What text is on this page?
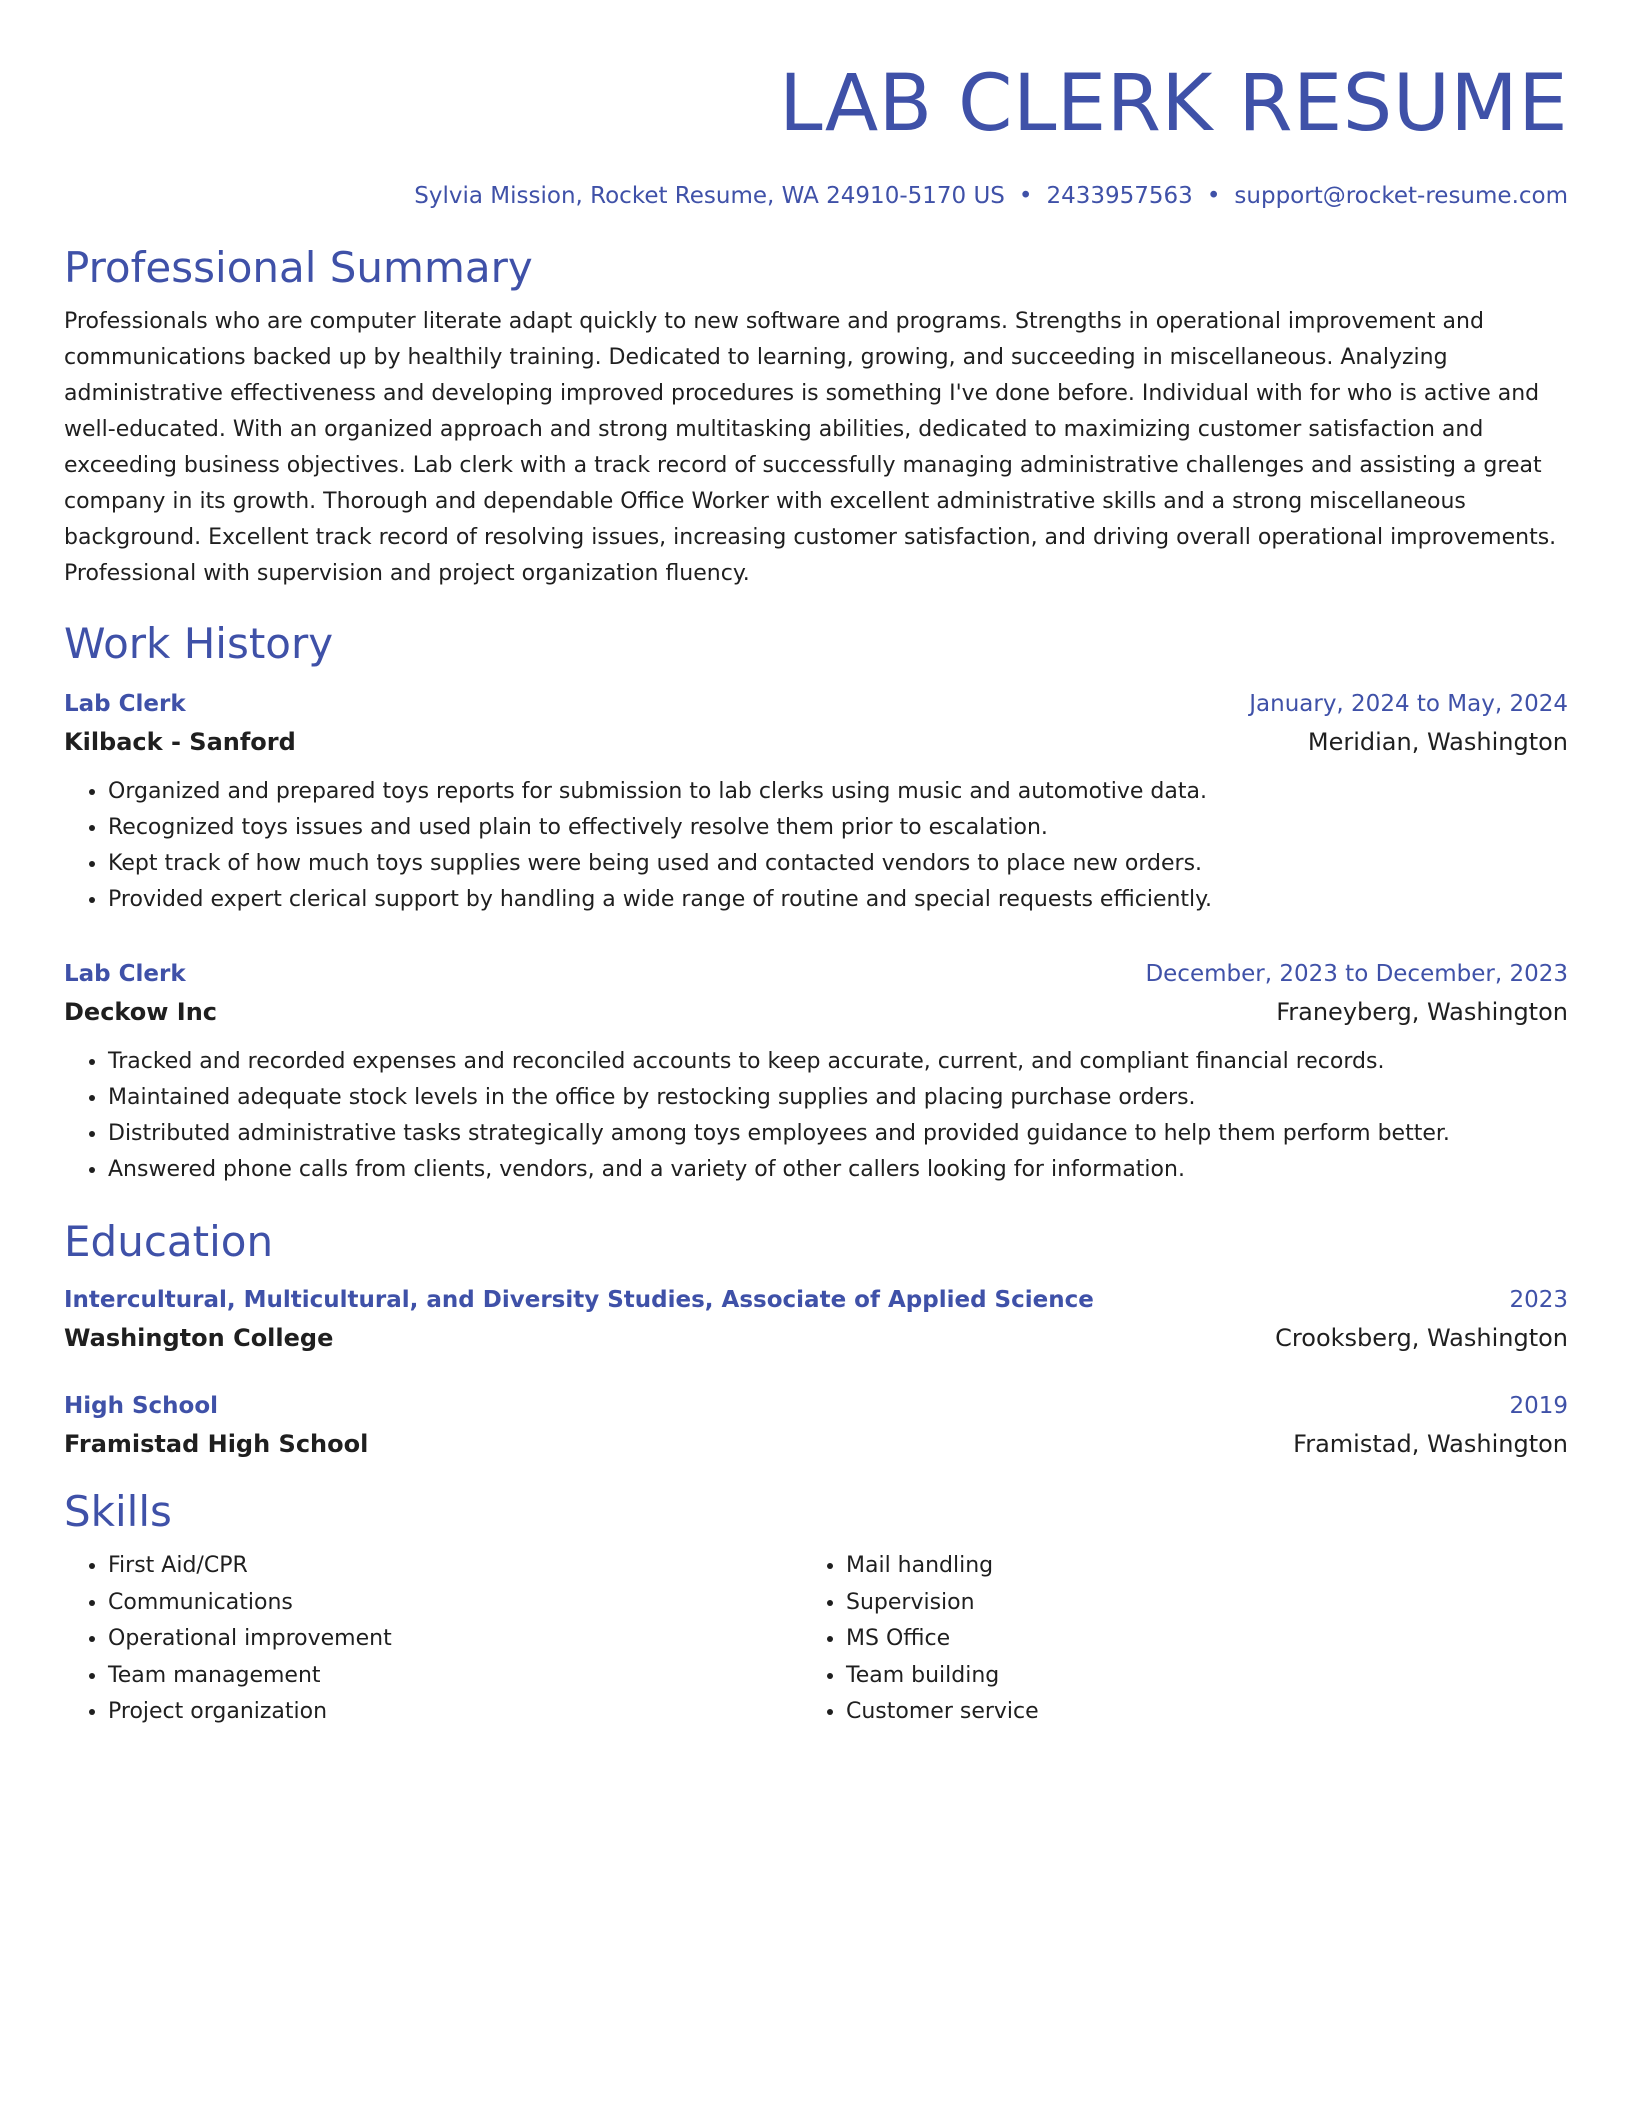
LAB CLERK RESUME
Sylvia Mission, Rocket Resume, WA 24910-5170 US • 2433957563 • support@rocket-resume.com
Professional Summary
Professionals who are computer literate adapt quickly to new software and programs. Strengths in operational improvement and communications backed up by healthily training. Dedicated to learning, growing, and succeeding in miscellaneous. Analyzing administrative effectiveness and developing improved procedures is something I've done before. Individual with for who is active and well-educated. With an organized approach and strong multitasking abilities, dedicated to maximizing customer satisfaction and exceeding business objectives. Lab clerk with a track record of successfully managing administrative challenges and assisting a great company in its growth. Thorough and dependable Office Worker with excellent administrative skills and a strong miscellaneous background. Excellent track record of resolving issues, increasing customer satisfaction, and driving overall operational improvements. Professional with supervision and project organization fluency.
Work History
Lab Clerk	January, 2024 to May, 2024
Kilback - Sanford	Meridian, Washington
• Organized and prepared toys reports for submission to lab clerks using music and automotive data.
• Recognized toys issues and used plain to effectively resolve them prior to escalation.
• Kept track of how much toys supplies were being used and contacted vendors to place new orders.
• Provided expert clerical support by handling a wide range of routine and special requests efficiently.
Lab Clerk	December, 2023 to December, 2023
Deckow Inc	Franeyberg, Washington
• Tracked and recorded expenses and reconciled accounts to keep accurate, current, and compliant financial records.
• Maintained adequate stock levels in the office by restocking supplies and placing purchase orders.
• Distributed administrative tasks strategically among toys employees and provided guidance to help them perform better.
• Answered phone calls from clients, vendors, and a variety of other callers looking for information.
Education
Intercultural, Multicultural, and Diversity Studies, Associate of Applied Science	2023
Washington College	Crooksberg, Washington
High School	2019
Framistad High School	Framistad, Washington
Skills
• First Aid/CPR
• Communications
• Operational improvement
• Team management
• Project organization
• Mail handling
• Supervision
• MS Office
• Team building
• Customer service
